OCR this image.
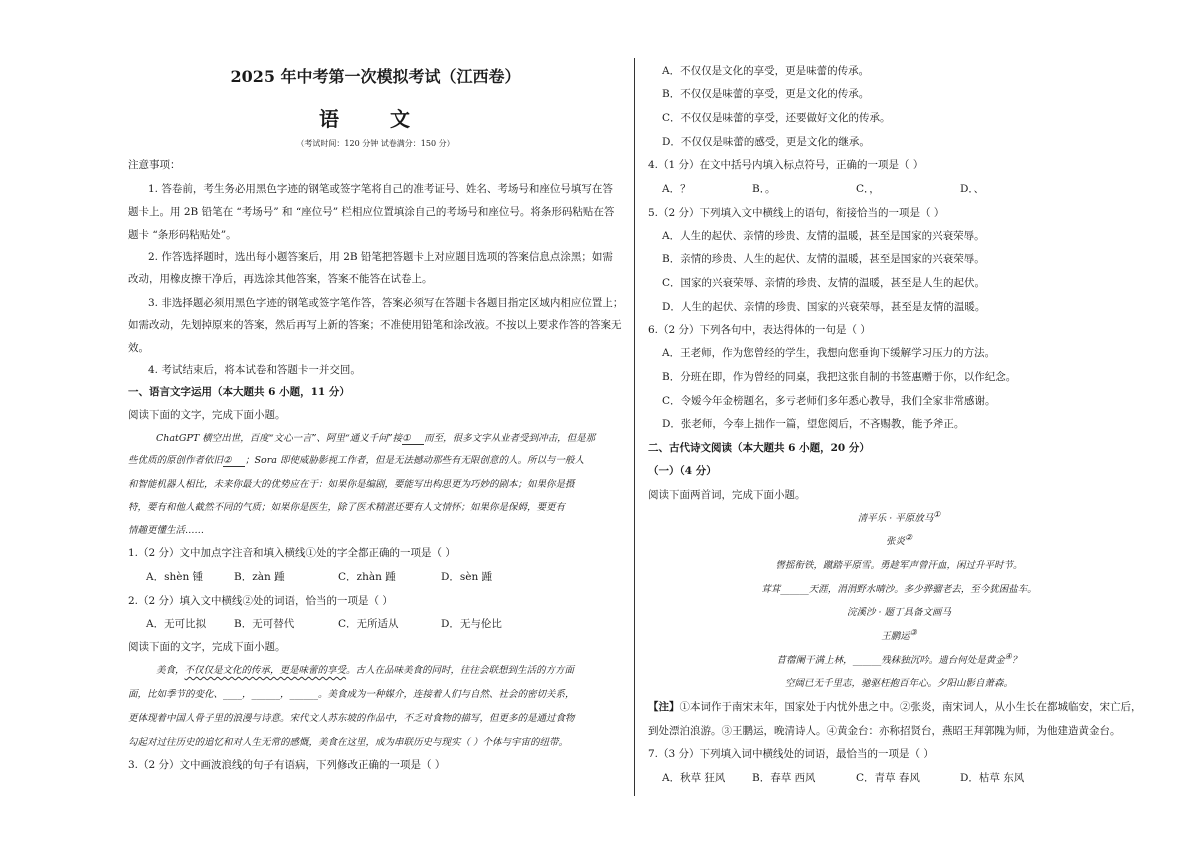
2025 年中考第一次模拟考试（江西卷）
语 文
（考试时间：120 分钟 试卷满分：150 分）
注意事项：
1. 答卷前，考生务必用黑色字迹的钢笔或签字笔将自己的准考证号、姓名、考场号和座位号填写在答
题卡上。用 2B 铅笔在 “考场号” 和 “座位号” 栏相应位置填涂自己的考场号和座位号。将条形码粘贴在答
题卡 “条形码粘贴处”。
2. 作答选择题时，选出每小题答案后，用 2B 铅笔把答题卡上对应题目选项的答案信息点涂黑；如需
改动，用橡皮擦干净后，再选涂其他答案，答案不能答在试卷上。
3. 非选择题必须用黑色字迹的钢笔或签字笔作答，答案必须写在答题卡各题目指定区域内相应位置上；
如需改动，先划掉原来的答案，然后再写上新的答案；不准使用铅笔和涂改液。不按以上要求作答的答案无
效。
4. 考试结束后，将本试卷和答题卡一并交回。
一、语言文字运用（本大题共 6 小题，11 分）
阅读下面的文字，完成下面小题。
ChatGPT 横空出世，百度“文心一言”、阿里“通义千问”接① 而至，很多文字从业者受到冲击，但是那
些优质的原创作者依旧② ；Sora 即使威胁影视工作者，但是无法撼动那些有无限创意的人。所以与一般人
和智能机器人相比，未来你最大的优势应在于：如果你是编剧，要能写出构思更为巧妙的剧本；如果你是摄
特，要有和他人截然不同的气质；如果你是医生，除了医术精湛还要有人文情怀；如果你是保姆，要更有
情趣更懂生活……
1.（2 分）文中加点字注音和填入横线①处的字全都正确的一项是（ ）
A．shèn 锺	B．zàn 踵	C．zhàn 踵	D．sèn 踵
2.（2 分）填入文中横线②处的词语，恰当的一项是（ ）
A．无可比拟	B．无可替代	C．无所适从	D．无与伦比
阅读下面的文字，完成下面小题。
美食，不仅仅是文化的传承，更是味蕾的享受。古人在品味美食的同时，往往会联想到生活的方方面
面，比如季节的变化、____，______，______。美食成为一种媒介，连接着人们与自然、社会的密切关系，
更体现着中国人骨子里的浪漫与诗意。宋代文人苏东坡的作品中，不乏对食物的描写，但更多的是通过食物
勾起对过往历史的追忆和对人生无常的感慨，美食在这里，成为串联历史与现实（ ）个体与宇宙的纽带。
3.（2 分）文中画波浪线的句子有语病，下列修改正确的一项是（ ）
A．不仅仅是文化的享受，更是味蕾的传承。
B．不仅仅是味蕾的享受，更是文化的传承。
C．不仅仅是味蕾的享受，还要做好文化的传承。
D．不仅仅是味蕾的感受，更是文化的继承。
4.（1 分）在文中括号内填入标点符号，正确的一项是（ ）
A．？	B．。	C．，	D．、
5.（2 分）下列填入文中横线上的语句，衔接恰当的一项是（ ）
A．人生的起伏、亲情的珍贵、友情的温暖，甚至是国家的兴衰荣辱。
B．亲情的珍贵、人生的起伏、友情的温暖，甚至是国家的兴衰荣辱。
C．国家的兴衰荣辱、亲情的珍贵、友情的温暖，甚至是人生的起伏。
D．人生的起伏、亲情的珍贵、国家的兴衰荣辱，甚至是友情的温暖。
6.（2 分）下列各句中，表达得体的一句是（ ）
A．王老师，作为您曾经的学生，我想向您垂询下缓解学习压力的方法。
B．分班在即，作为曾经的同桌，我把这张自制的书签惠赠于你，以作纪念。
C．令嫒今年金榜题名，多亏老师们多年悉心教导，我们全家非常感谢。
D．张老师，今奉上拙作一篇，望您阅后，不吝赐教，能予斧正。
二、古代诗文阅读（本大题共 6 小题，20 分）
（一）（4 分）
阅读下面两首词，完成下面小题。
清平乐 · 平原放马①
张炎②
辔摇衔铁，蹴踏平原雪。勇趁军声曾汗血，闲过升平时节。
茸茸______天涯，涓涓野水晴沙。多少骅骝老去，至今犹困盐车。
浣溪沙 · 题丁具备文画马
王鹏运③
苜蓿阑干满上林，______残秣独沉吟。遗台何处是黄金④？
空阔已无千里志，驰驱枉抱百年心。夕阳山影自萧森。
【注】①本词作于南宋末年，国家处于内忧外患之中。②张炎，南宋词人，从小生长在都城临安，宋亡后，
到处漂泊浪游。③王鹏运，晚清诗人。④黄金台：亦称招贤台，燕昭王拜郭隗为师，为他建造黄金台。
7.（3 分）下列填入词中横线处的词语，最恰当的一项是（ ）
A．秋草 狂风	B．春草 西风	C．青草 春风	D．枯草 东风
